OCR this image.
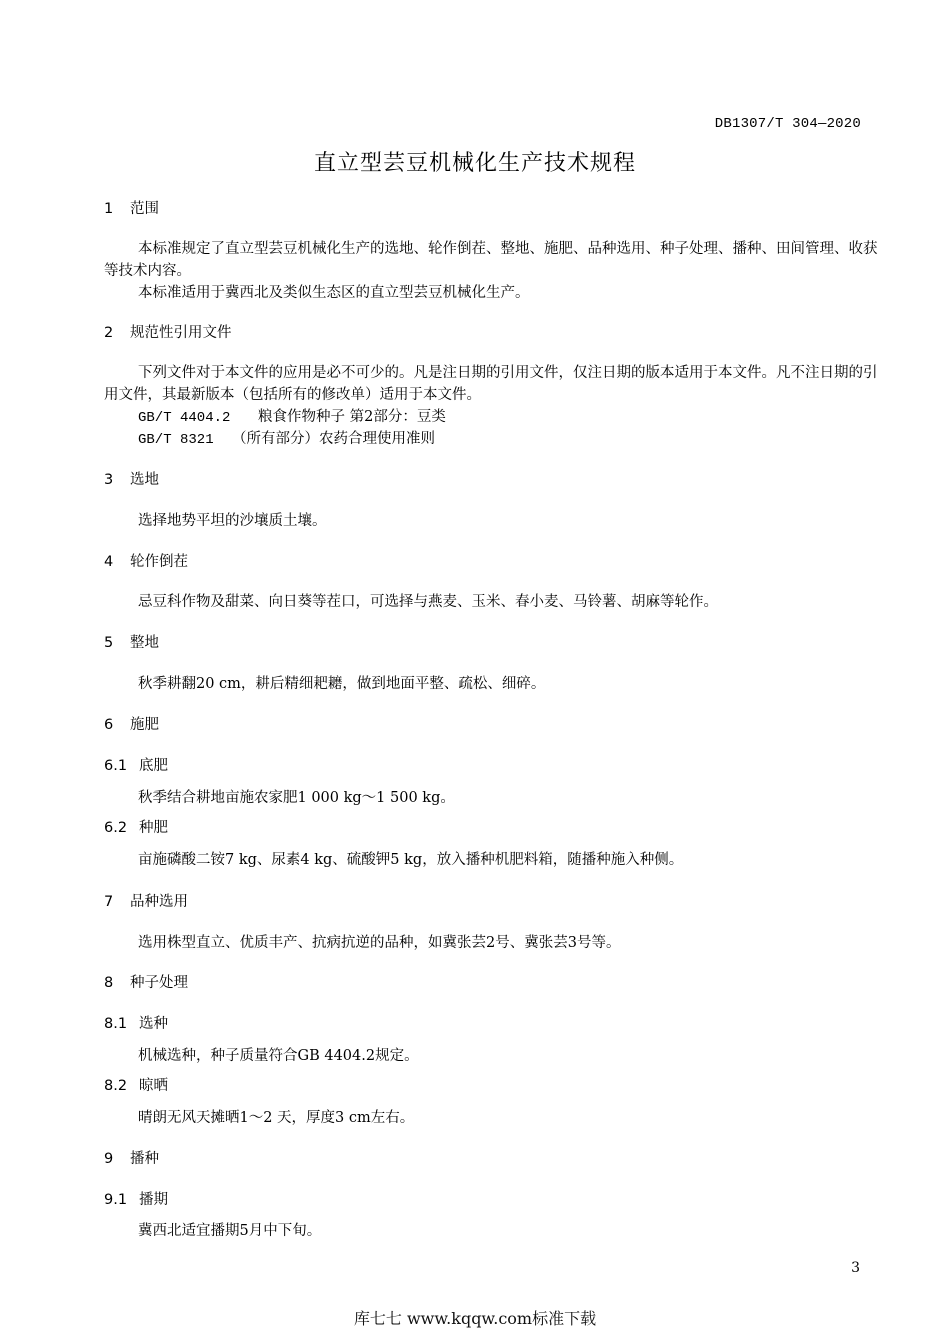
DB1307/T 304—2020
直立型芸豆机械化生产技术规程
1 范围
本标准规定了直立型芸豆机械化生产的选地、轮作倒茬、整地、施肥、品种选用、种子处理、播种、田间管理、收获等技术内容。
本标准适用于冀西北及类似生态区的直立型芸豆机械化生产。
2 规范性引用文件
下列文件对于本文件的应用是必不可少的。凡是注日期的引用文件，仅注日期的版本适用于本文件。凡不注日期的引用文件，其最新版本（包括所有的修改单）适用于本文件。
GB/T 4404.2 粮食作物种子 第2部分：豆类
GB/T 8321 （所有部分）农药合理使用准则
3 选地
选择地势平坦的沙壤质土壤。
4 轮作倒茬
忌豆科作物及甜菜、向日葵等茬口，可选择与燕麦、玉米、春小麦、马铃薯、胡麻等轮作。
5 整地
秋季耕翻20 cm，耕后精细耙耱，做到地面平整、疏松、细碎。
6 施肥
6.1 底肥
秋季结合耕地亩施农家肥1 000 kg～1 500 kg。
6.2 种肥
亩施磷酸二铵7 kg、尿素4 kg、硫酸钾5 kg，放入播种机肥料箱，随播种施入种侧。
7 品种选用
选用株型直立、优质丰产、抗病抗逆的品种，如冀张芸2号、冀张芸3号等。
8 种子处理
8.1 选种
机械选种，种子质量符合GB 4404.2规定。
8.2 晾晒
晴朗无风天摊晒1～2 天，厚度3 cm左右。
9 播种
9.1 播期
冀西北适宜播期5月中下旬。
3
库七七 www.kqqw.com标准下载
